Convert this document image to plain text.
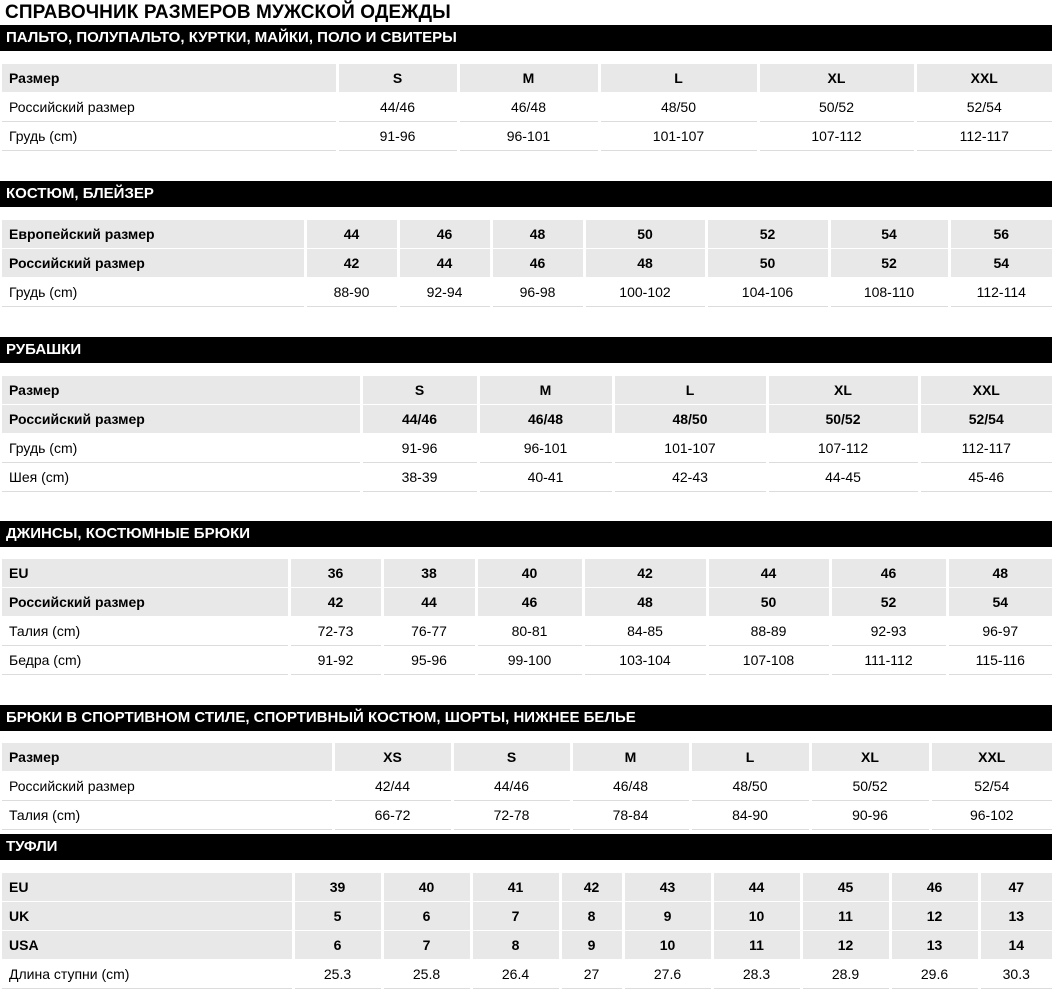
СПРАВОЧНИК РАЗМЕРОВ МУЖСКОЙ ОДЕЖДЫ
ПАЛЬТО, ПОЛУПАЛЬТО, КУРТКИ, МАЙКИ, ПОЛО И СВИТЕРЫ
Размер	S	M	L	XL	XXL
Российский размер	44/46	46/48	48/50	50/52	52/54
Грудь (cm)	91-96	96-101	101-107	107-112	112-117
КОСТЮМ, БЛЕЙЗЕР
Европейский размер	44	46	48	50	52	54	56
Российский размер	42	44	46	48	50	52	54
Грудь (cm)	88-90	92-94	96-98	100-102	104-106	108-110	112-114
РУБАШКИ
Размер	S	M	L	XL	XXL
Российский размер	44/46	46/48	48/50	50/52	52/54
Грудь (cm)	91-96	96-101	101-107	107-112	112-117
Шея (cm)	38-39	40-41	42-43	44-45	45-46
ДЖИНСЫ, КОСТЮМНЫЕ БРЮКИ
EU	36	38	40	42	44	46	48
Российский размер	42	44	46	48	50	52	54
Талия (cm)	72-73	76-77	80-81	84-85	88-89	92-93	96-97
Бедра (cm)	91-92	95-96	99-100	103-104	107-108	111-112	115-116
БРЮКИ В СПОРТИВНОМ СТИЛЕ, СПОРТИВНЫЙ КОСТЮМ, ШОРТЫ, НИЖНЕЕ БЕЛЬЕ
Размер	XS	S	M	L	XL	XXL
Российский размер	42/44	44/46	46/48	48/50	50/52	52/54
Талия (cm)	66-72	72-78	78-84	84-90	90-96	96-102
ТУФЛИ
EU	39	40	41	42	43	44	45	46	47
UK	5	6	7	8	9	10	11	12	13
USA	6	7	8	9	10	11	12	13	14
Длина ступни (cm)	25.3	25.8	26.4	27	27.6	28.3	28.9	29.6	30.3
